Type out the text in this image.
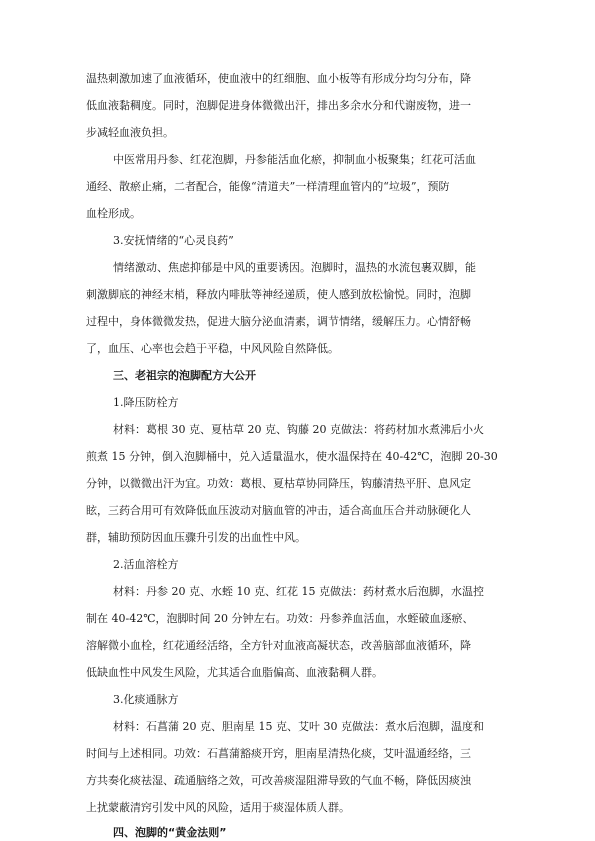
温热刺激加速了血液循环，使血液中的红细胞、血小板等有形成分均匀分布，降
低血液黏稠度。同时，泡脚促进身体微微出汗，排出多余水分和代谢废物，进一
步减轻血液负担。
中医常用丹参、红花泡脚，丹参能活血化瘀，抑制血小板聚集；红花可活血
通经、散瘀止痛，二者配合，能像“清道夫”一样清理血管内的“垃圾”，预防
血栓形成。
3.安抚情绪的“心灵良药”
情绪激动、焦虑抑郁是中风的重要诱因。泡脚时，温热的水流包裹双脚，能
刺激脚底的神经末梢，释放内啡肽等神经递质，使人感到放松愉悦。同时，泡脚
过程中，身体微微发热，促进大脑分泌血清素，调节情绪，缓解压力。心情舒畅
了，血压、心率也会趋于平稳，中风风险自然降低。
三、老祖宗的泡脚配方大公开
1.降压防栓方
材料：葛根 30 克、夏枯草 20 克、钩藤 20 克做法：将药材加水煮沸后小火
煎煮 15 分钟，倒入泡脚桶中，兑入适量温水，使水温保持在 40-42℃，泡脚 20-30
分钟，以微微出汗为宜。功效：葛根、夏枯草协同降压，钩藤清热平肝、息风定
眩，三药合用可有效降低血压波动对脑血管的冲击，适合高血压合并动脉硬化人
群，辅助预防因血压骤升引发的出血性中风。
2.活血溶栓方
材料：丹参 20 克、水蛭 10 克、红花 15 克做法：药材煮水后泡脚，水温控
制在 40-42℃，泡脚时间 20 分钟左右。功效：丹参养血活血，水蛭破血逐瘀、
溶解微小血栓，红花通经活络，全方针对血液高凝状态，改善脑部血液循环，降
低缺血性中风发生风险，尤其适合血脂偏高、血液黏稠人群。
3.化痰通脉方
材料：石菖蒲 20 克、胆南星 15 克、艾叶 30 克做法：煮水后泡脚，温度和
时间与上述相同。功效：石菖蒲豁痰开窍，胆南星清热化痰，艾叶温通经络，三
方共奏化痰祛湿、疏通脑络之效，可改善痰湿阻滞导致的气血不畅，降低因痰浊
上扰蒙蔽清窍引发中风的风险，适用于痰湿体质人群。
四、泡脚的“黄金法则”
